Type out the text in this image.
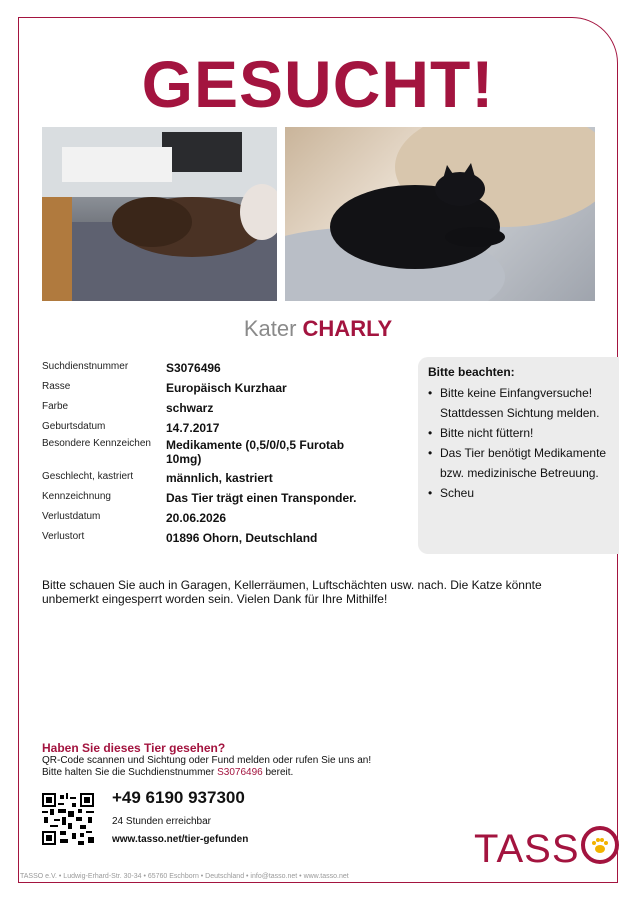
GESUCHT!
Kater CHARLY
Suchdienstnummer	S3076496
Rasse	Europäisch Kurzhaar
Farbe	schwarz
Geburtsdatum	14.7.2017
Besondere Kennzeichen	Medikamente (0,5/0/0,5 Furotab 10mg)
Geschlecht, kastriert	männlich, kastriert
Kennzeichnung	Das Tier trägt einen Transponder.
Verlustdatum	20.06.2026
Verlustort	01896 Ohorn, Deutschland
Bitte beachten:
• Bitte keine Einfangversuche! Stattdessen Sichtung melden.
• Bitte nicht füttern!
• Das Tier benötigt Medikamente bzw. medizinische Betreuung.
• Scheu
Bitte schauen Sie auch in Garagen, Kellerräumen, Luftschächten usw. nach. Die Katze könnte unbemerkt eingesperrt worden sein. Vielen Dank für Ihre Mithilfe!
Haben Sie dieses Tier gesehen?
QR-Code scannen und Sichtung oder Fund melden oder rufen Sie uns an!
Bitte halten Sie die Suchdienstnummer S3076496 bereit.
+49 6190 937300
24 Stunden erreichbar
www.tasso.net/tier-gefunden	TASS
TASSO e.V. • Ludwig-Erhard-Str. 30-34 • 65760 Eschborn • Deutschland • info@tasso.net • www.tasso.net
